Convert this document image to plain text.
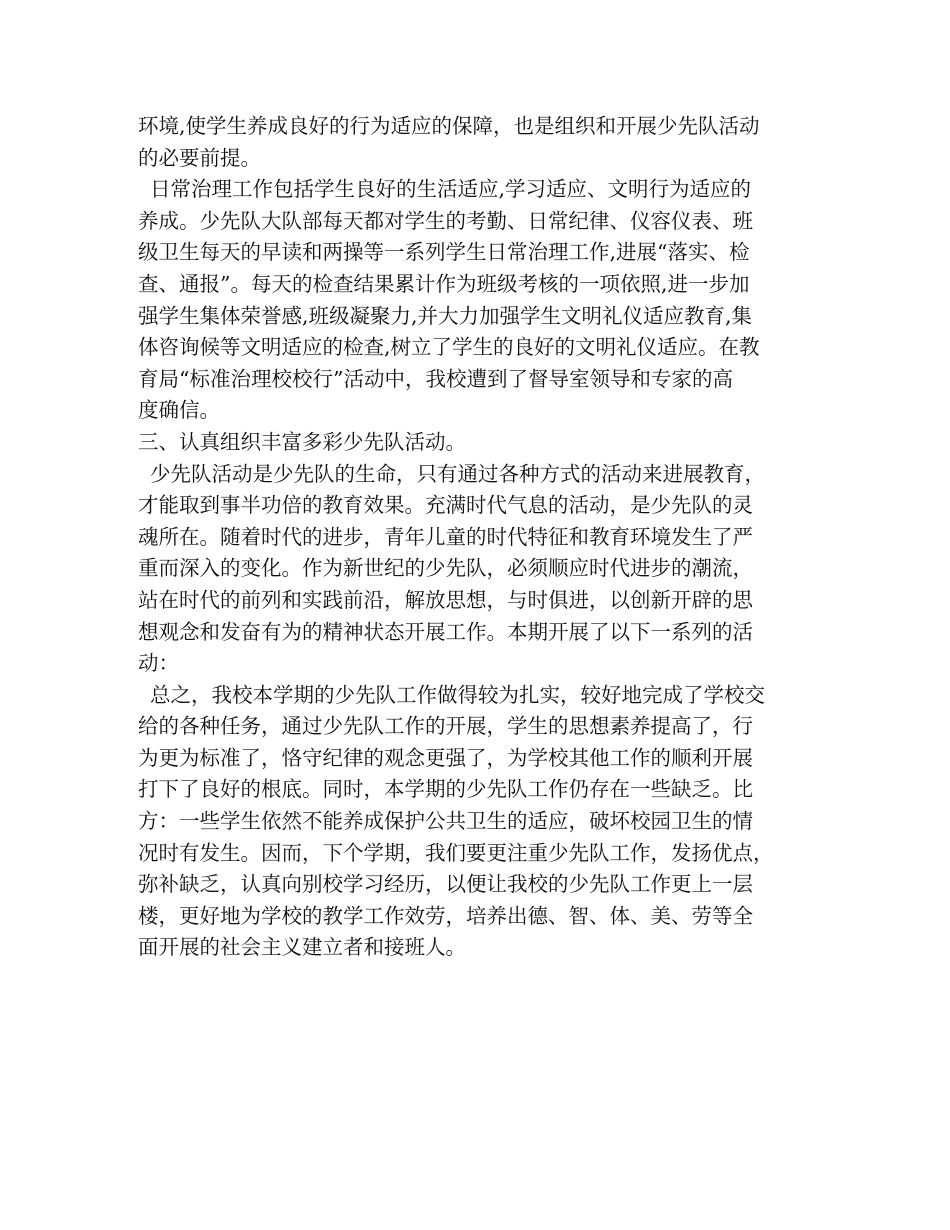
环境,使学生养成良好的行为适应的保障，也是组织和开展少先队活动
的必要前提。
日常治理工作包括学生良好的生活适应,学习适应、文明行为适应的
养成。少先队大队部每天都对学生的考勤、日常纪律、仪容仪表、班
级卫生每天的早读和两操等一系列学生日常治理工作,进展“落实、检
查、通报”。每天的检查结果累计作为班级考核的一项依照,进一步加
强学生集体荣誉感,班级凝聚力,并大力加强学生文明礼仪适应教育,集
体咨询候等文明适应的检查,树立了学生的良好的文明礼仪适应。在教
育局“标准治理校校行”活动中，我校遭到了督导室领导和专家的高
度确信。
三、认真组织丰富多彩少先队活动。
少先队活动是少先队的生命，只有通过各种方式的活动来进展教育，
才能取到事半功倍的教育效果。充满时代气息的活动，是少先队的灵
魂所在。随着时代的进步，青年儿童的时代特征和教育环境发生了严
重而深入的变化。作为新世纪的少先队，必须顺应时代进步的潮流，
站在时代的前列和实践前沿，解放思想，与时俱进，以创新开辟的思
想观念和发奋有为的精神状态开展工作。本期开展了以下一系列的活
动：
总之，我校本学期的少先队工作做得较为扎实，较好地完成了学校交
给的各种任务，通过少先队工作的开展，学生的思想素养提高了，行
为更为标准了，恪守纪律的观念更强了，为学校其他工作的顺利开展
打下了良好的根底。同时，本学期的少先队工作仍存在一些缺乏。比
方：一些学生依然不能养成保护公共卫生的适应，破坏校园卫生的情
况时有发生。因而，下个学期，我们要更注重少先队工作，发扬优点，
弥补缺乏，认真向别校学习经历，以便让我校的少先队工作更上一层
楼，更好地为学校的教学工作效劳，培养出德、智、体、美、劳等全
面开展的社会主义建立者和接班人。
